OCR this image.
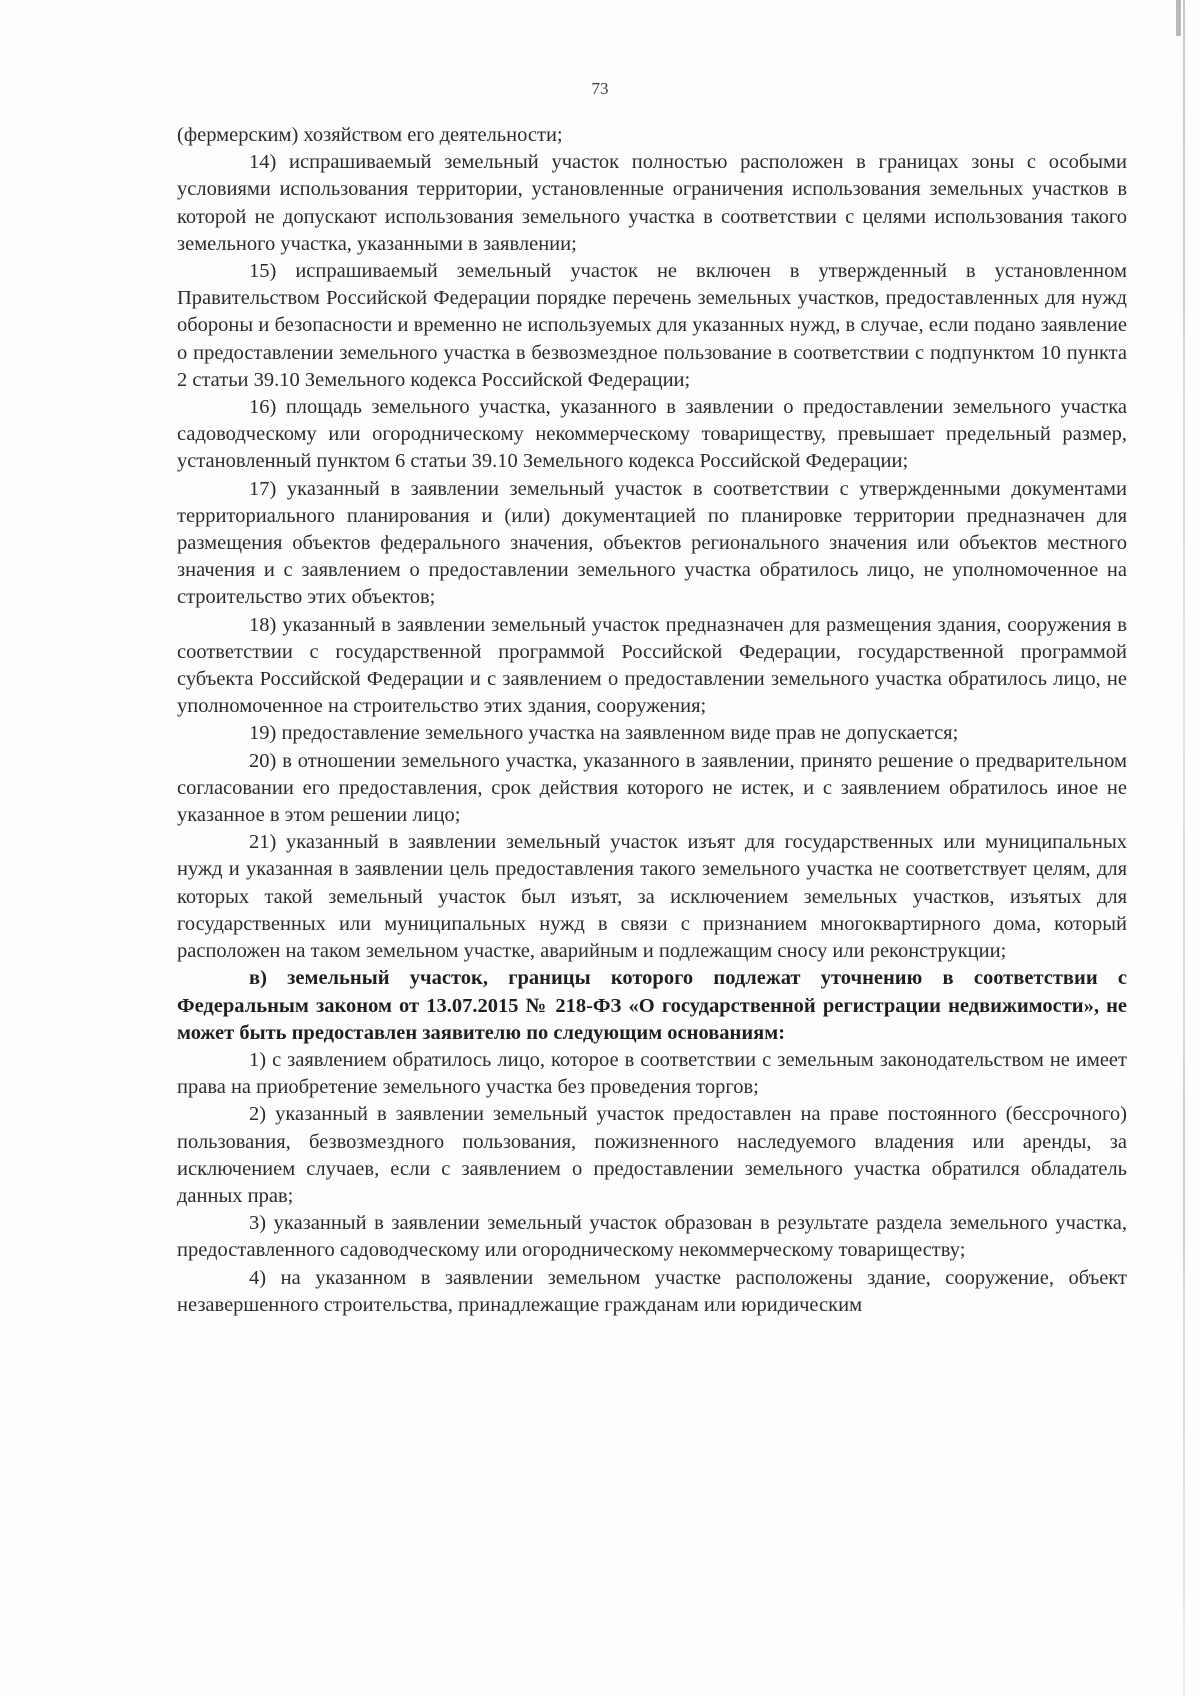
73

(фермерским) хозяйством его деятельности;

14) испрашиваемый земельный участок полностью расположен в границах зоны с особыми условиями использования территории, установленные ограничения использования земельных участков в которой не допускают использования земельного участка в соответствии с целями использования такого земельного участка, указанными в заявлении;

15) испрашиваемый земельный участок не включен в утвержденный в установленном Правительством Российской Федерации порядке перечень земельных участков, предоставленных для нужд обороны и безопасности и временно не используемых для указанных нужд, в случае, если подано заявление о предоставлении земельного участка в безвозмездное пользование в соответствии с подпунктом 10 пункта 2 статьи 39.10 Земельного кодекса Российской Федерации;

16) площадь земельного участка, указанного в заявлении о предоставлении земельного участка садоводческому или огородническому некоммерческому товариществу, превышает предельный размер, установленный пунктом 6 статьи 39.10 Земельного кодекса Российской Федерации;

17) указанный в заявлении земельный участок в соответствии с утвержденными документами территориального планирования и (или) документацией по планировке территории предназначен для размещения объектов федерального значения, объектов регионального значения или объектов местного значения и с заявлением о предоставлении земельного участка обратилось лицо, не уполномоченное на строительство этих объектов;

18) указанный в заявлении земельный участок предназначен для размещения здания, сооружения в соответствии с государственной программой Российской Федерации, государственной программой субъекта Российской Федерации и с заявлением о предоставлении земельного участка обратилось лицо, не уполномоченное на строительство этих здания, сооружения;

19) предоставление земельного участка на заявленном виде прав не допускается;

20) в отношении земельного участка, указанного в заявлении, принято решение о предварительном согласовании его предоставления, срок действия которого не истек, и с заявлением обратилось иное не указанное в этом решении лицо;

21) указанный в заявлении земельный участок изъят для государственных или муниципальных нужд и указанная в заявлении цель предоставления такого земельного участка не соответствует целям, для которых такой земельный участок был изъят, за исключением земельных участков, изъятых для государственных или муниципальных нужд в связи с признанием многоквартирного дома, который расположен на таком земельном участке, аварийным и подлежащим сносу или реконструкции;

в) земельный участок, границы которого подлежат уточнению в соответствии с Федеральным законом от 13.07.2015 № 218-ФЗ «О государственной регистрации недвижимости», не может быть предоставлен заявителю по следующим основаниям:

1) с заявлением обратилось лицо, которое в соответствии с земельным законодательством не имеет права на приобретение земельного участка без проведения торгов;

2) указанный в заявлении земельный участок предоставлен на праве постоянного (бессрочного) пользования, безвозмездного пользования, пожизненного наследуемого владения или аренды, за исключением случаев, если с заявлением о предоставлении земельного участка обратился обладатель данных прав;

3) указанный в заявлении земельный участок образован в результате раздела земельного участка, предоставленного садоводческому или огородническому некоммерческому товариществу;

4) на указанном в заявлении земельном участке расположены здание, сооружение, объект незавершенного строительства, принадлежащие гражданам или юридическим
